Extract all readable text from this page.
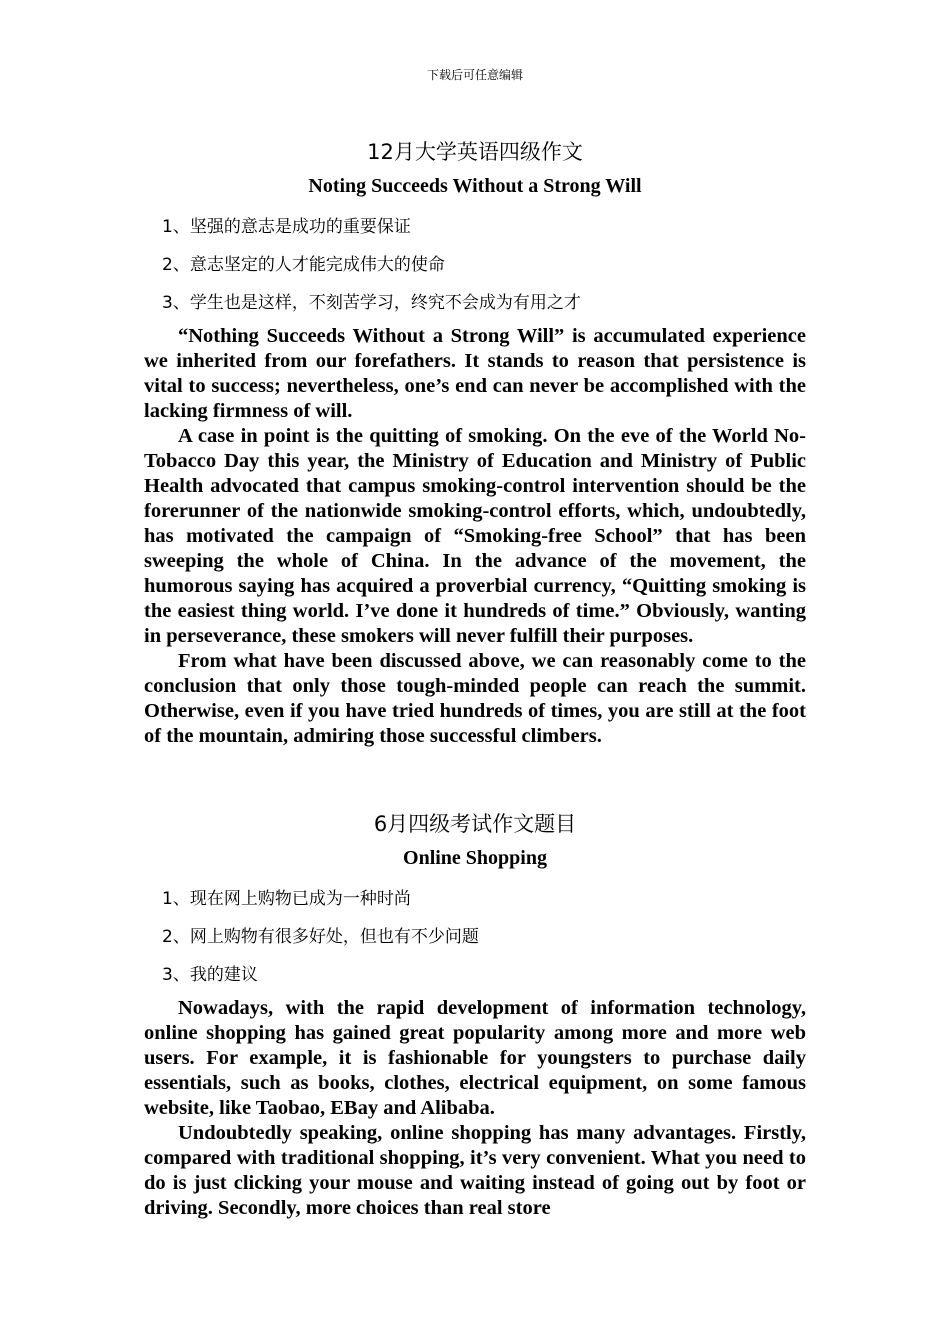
下载后可任意编辑
12月大学英语四级作文
Noting Succeeds Without a Strong Will
1、坚强的意志是成功的重要保证
2、意志坚定的人才能完成伟大的使命
3、学生也是这样，不刻苦学习，终究不会成为有用之才

“Nothing Succeeds Without a Strong Will” is accumulated experience we inherited from our forefathers. It stands to reason that persistence is vital to success; nevertheless, one’s end can never be accomplished with the lacking firmness of will.

A case in point is the quitting of smoking. On the eve of the World No-Tobacco Day this year, the Ministry of Education and Ministry of Public Health advocated that campus smoking-control intervention should be the forerunner of the nationwide smoking-control efforts, which, undoubtedly, has motivated the campaign of “Smoking-free School” that has been sweeping the whole of China. In the advance of the movement, the humorous saying has acquired a proverbial currency, “Quitting smoking is the easiest thing world. I’ve done it hundreds of time.” Obviously, wanting in perseverance, these smokers will never fulfill their purposes.

From what have been discussed above, we can reasonably come to the conclusion that only those tough-minded people can reach the summit. Otherwise, even if you have tried hundreds of times, you are still at the foot of the mountain, admiring those successful climbers.

6月四级考试作文题目
Online Shopping
1、现在网上购物已成为一种时尚
2、网上购物有很多好处，但也有不少问题
3、我的建议

Nowadays, with the rapid development of information technology, online shopping has gained great popularity among more and more web users. For example, it is fashionable for youngsters to purchase daily essentials, such as books, clothes, electrical equipment, on some famous website, like Taobao, EBay and Alibaba.

Undoubtedly speaking, online shopping has many advantages. Firstly, compared with traditional shopping, it’s very convenient. What you need to do is just clicking your mouse and waiting instead of going out by foot or driving. Secondly, more choices than real store
